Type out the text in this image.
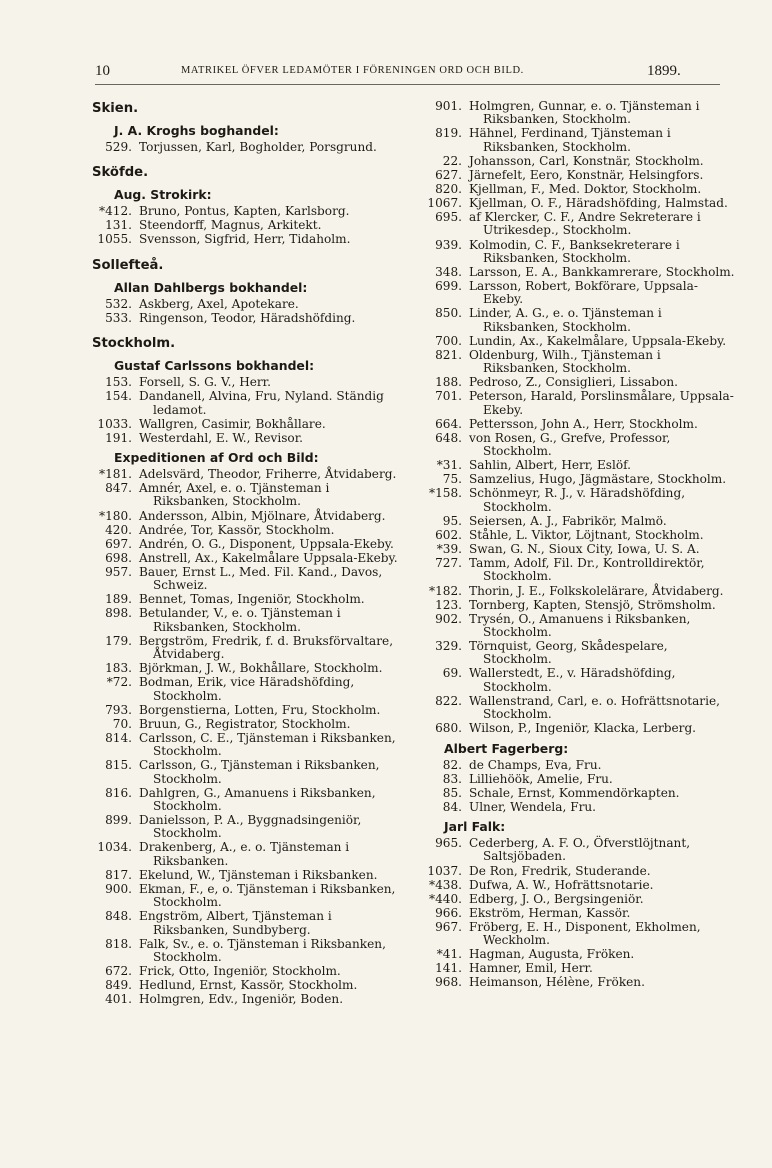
10	MATRIKEL ÖFVER LEDAMÖTER I FÖRENINGEN ORD OCH BILD.	1899.
Skien.
J. A. Kroghs boghandel:
529. Torjussen, Karl, Bogholder, Porsgrund.
Sköfde.
Aug. Strokirk:
*412. Bruno, Pontus, Kapten, Karlsborg.
131. Steendorff, Magnus, Arkitekt.
1055. Svensson, Sigfrid, Herr, Tidaholm.
Sollefteå.
Allan Dahlbergs bokhandel:
532. Askberg, Axel, Apotekare.
533. Ringenson, Teodor, Häradshöfding.
Stockholm.
Gustaf Carlssons bokhandel:
153. Forsell, S. G. V., Herr.
154. Dandanell, Alvina, Fru, Nyland. Ständig ledamot.
1033. Wallgren, Casimir, Bokhållare.
191. Westerdahl, E. W., Revisor.
Expeditionen af Ord och Bild:
*181. Adelsvärd, Theodor, Friherre, Åtvidaberg.
847. Amnér, Axel, e. o. Tjänsteman i Riksbanken, Stockholm.
*180. Andersson, Albin, Mjölnare, Åtvidaberg.
420. Andrée, Tor, Kassör, Stockholm.
697. Andrén, O. G., Disponent, Uppsala-Ekeby.
698. Anstrell, Ax., Kakelmålare Uppsala-Ekeby.
957. Bauer, Ernst L., Med. Fil. Kand., Davos, Schweiz.
189. Bennet, Tomas, Ingeniör, Stockholm.
898. Betulander, V., e. o. Tjänsteman i Riksbanken, Stockholm.
179. Bergström, Fredrik, f. d. Bruksförvaltare, Åtvidaberg.
183. Björkman, J. W., Bokhållare, Stockholm.
*72. Bodman, Erik, vice Häradshöfding, Stockholm.
793. Borgenstierna, Lotten, Fru, Stockholm.
70. Bruun, G., Registrator, Stockholm.
814. Carlsson, C. E., Tjänsteman i Riksbanken, Stockholm.
815. Carlsson, G., Tjänsteman i Riksbanken, Stockholm.
816. Dahlgren, G., Amanuens i Riksbanken, Stockholm.
899. Danielsson, P. A., Byggnadsingeniör, Stockholm.
1034. Drakenberg, A., e. o. Tjänsteman i Riksbanken.
817. Ekelund, W., Tjänsteman i Riksbanken.
900. Ekman, F., e, o. Tjänsteman i Riksbanken, Stockholm.
848. Engström, Albert, Tjänsteman i Riksbanken, Sundbyberg.
818. Falk, Sv., e. o. Tjänsteman i Riksbanken, Stockholm.
672. Frick, Otto, Ingeniör, Stockholm.
849. Hedlund, Ernst, Kassör, Stockholm.
401. Holmgren, Edv., Ingeniör, Boden.
901. Holmgren, Gunnar, e. o. Tjänsteman i Riksbanken, Stockholm.
819. Hähnel, Ferdinand, Tjänsteman i Riksbanken, Stockholm.
22. Johansson, Carl, Konstnär, Stockholm.
627. Järnefelt, Eero, Konstnär, Helsingfors.
820. Kjellman, F., Med. Doktor, Stockholm.
1067. Kjellman, O. F., Häradshöfding, Halmstad.
695. af Klercker, C. F., Andre Sekreterare i Utrikesdep., Stockholm.
939. Kolmodin, C. F., Banksekreterare i Riksbanken, Stockholm.
348. Larsson, E. A., Bankkamrerare, Stockholm.
699. Larsson, Robert, Bokförare, Uppsala-Ekeby.
850. Linder, A. G., e. o. Tjänsteman i Riksbanken, Stockholm.
700. Lundin, Ax., Kakelmålare, Uppsala-Ekeby.
821. Oldenburg, Wilh., Tjänsteman i Riksbanken, Stockholm.
188. Pedroso, Z., Consiglieri, Lissabon.
701. Peterson, Harald, Porslinsmålare, Uppsala-Ekeby.
664. Pettersson, John A., Herr, Stockholm.
648. von Rosen, G., Grefve, Professor, Stockholm.
*31. Sahlin, Albert, Herr, Eslöf.
75. Samzelius, Hugo, Jägmästare, Stockholm.
*158. Schönmeyr, R. J., v. Häradshöfding, Stockholm.
95. Seiersen, A. J., Fabrikör, Malmö.
602. Ståhle, L. Viktor, Löjtnant, Stockholm.
*39. Swan, G. N., Sioux City, Iowa, U. S. A.
727. Tamm, Adolf, Fil. Dr., Kontrolldirektör, Stockholm.
*182. Thorin, J. E., Folkskolelärare, Åtvidaberg.
123. Tornberg, Kapten, Stensjö, Strömsholm.
902. Trysén, O., Amanuens i Riksbanken, Stockholm.
329. Törnquist, Georg, Skådespelare, Stockholm.
69. Wallerstedt, E., v. Häradshöfding, Stockholm.
822. Wallenstrand, Carl, e. o. Hofrättsnotarie, Stockholm.
680. Wilson, P., Ingeniör, Klacka, Lerberg.
Albert Fagerberg:
82. de Champs, Eva, Fru.
83. Lilliehöök, Amelie, Fru.
85. Schale, Ernst, Kommendörkapten.
84. Ulner, Wendela, Fru.
Jarl Falk:
965. Cederberg, A. F. O., Öfverstlöjtnant, Saltsjöbaden.
1037. De Ron, Fredrik, Studerande.
*438. Dufwa, A. W., Hofrättsnotarie.
*440. Edberg, J. O., Bergsingeniör.
966. Ekström, Herman, Kassör.
967. Fröberg, E. H., Disponent, Ekholmen, Weckholm.
*41. Hagman, Augusta, Fröken.
141. Hamner, Emil, Herr.
968. Heimanson, Hélène, Fröken.
